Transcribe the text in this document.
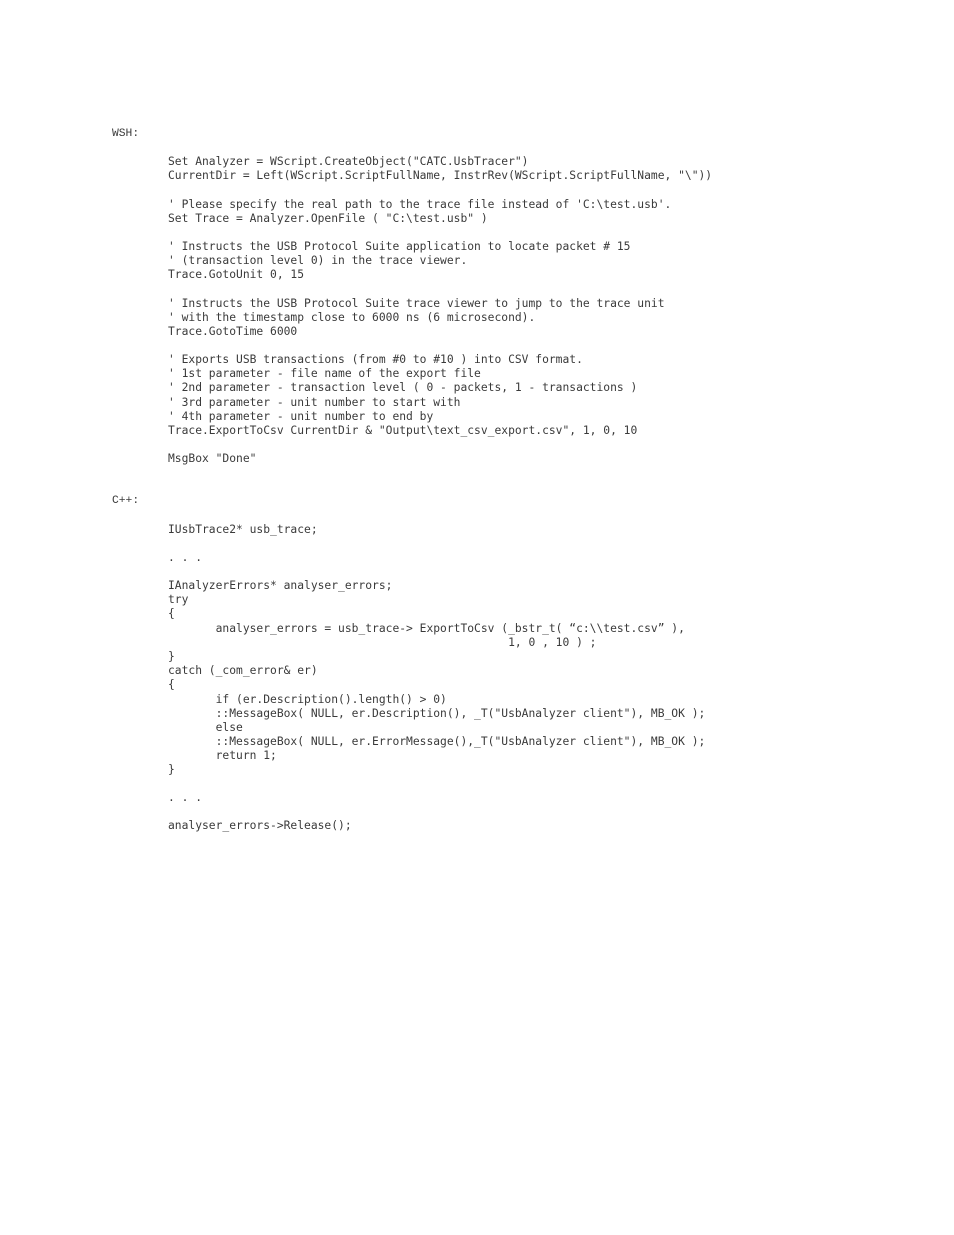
WSH:
Set Analyzer = WScript.CreateObject("CATC.UsbTracer")
CurrentDir = Left(WScript.ScriptFullName, InstrRev(WScript.ScriptFullName, "\"))
' Please specify the real path to the trace file instead of 'C:\test.usb'.
Set Trace = Analyzer.OpenFile ( "C:\test.usb" )
' Instructs the USB Protocol Suite application to locate packet # 15
' (transaction level 0) in the trace viewer.
Trace.GotoUnit 0, 15
' Instructs the USB Protocol Suite trace viewer to jump to the trace unit
' with the timestamp close to 6000 ns (6 microsecond).
Trace.GotoTime 6000
' Exports USB transactions (from #0 to #10 ) into CSV format.
' 1st parameter - file name of the export file
' 2nd parameter - transaction level ( 0 - packets, 1 - transactions )
' 3rd parameter - unit number to start with
' 4th parameter - unit number to end by
Trace.ExportToCsv CurrentDir & "Output\text_csv_export.csv", 1, 0, 10
MsgBox "Done"
C++:
IUsbTrace2* usb_trace;
. . .
IAnalyzerErrors* analyser_errors;
try
{
analyser_errors = usb_trace-> ExportToCsv (_bstr_t( “c:\\test.csv” ),
1, 0 , 10 ) ;
}
catch (_com_error& er)
{
if (er.Description().length() > 0)
::MessageBox( NULL, er.Description(), _T("UsbAnalyzer client"), MB_OK );
else
::MessageBox( NULL, er.ErrorMessage(),_T("UsbAnalyzer client"), MB_OK );
return 1;
}
. . .
analyser_errors->Release();
